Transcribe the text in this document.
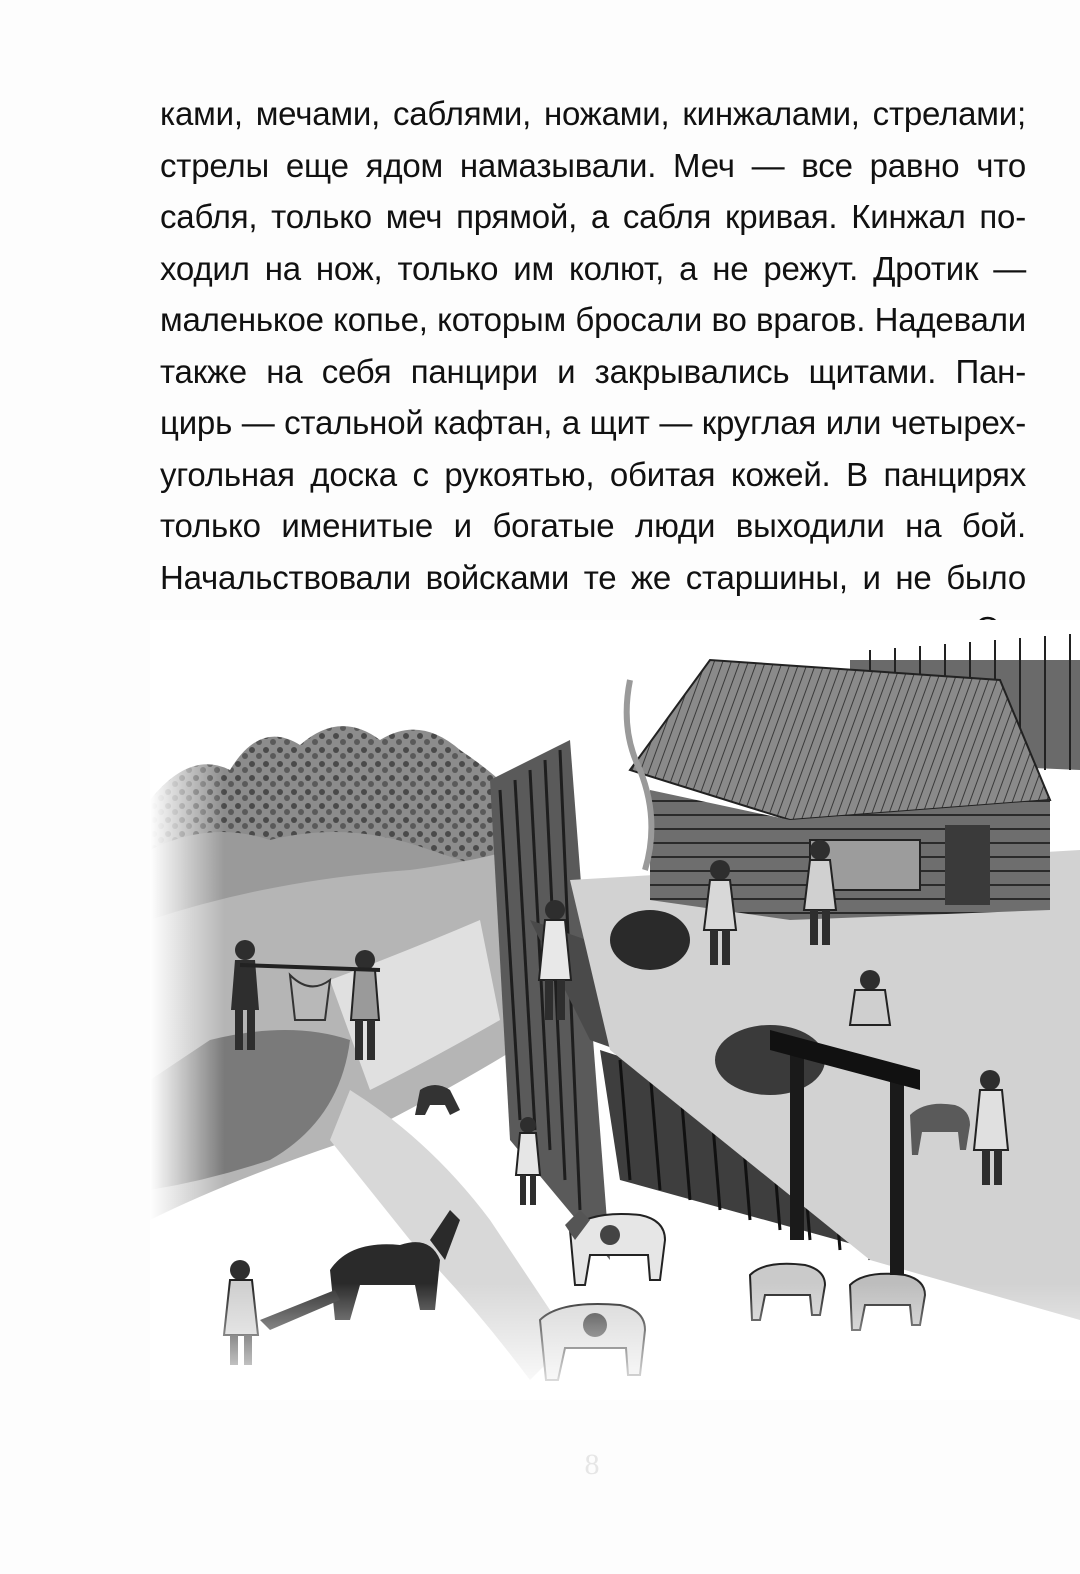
ками, мечами, саблями, ножами, кинжалами, стрелами;
стрелы еще ядом намазывали. Меч — все равно что
сабля, только меч прямой, а сабля кривая. Кинжал по-
ходил на нож, только им колют, а не режут. Дротик —
маленькое копье, которым бросали во врагов. Надевали
также на себя панцири и закрывались щитами. Пан-
цирь — стальной кафтан, а щит — круглая или четырех-
угольная доска с рукоятью, обитая кожей. В панцирях
только именитые и богатые люди выходили на бой.
Начальствовали войсками те же старшины, и не было
8
